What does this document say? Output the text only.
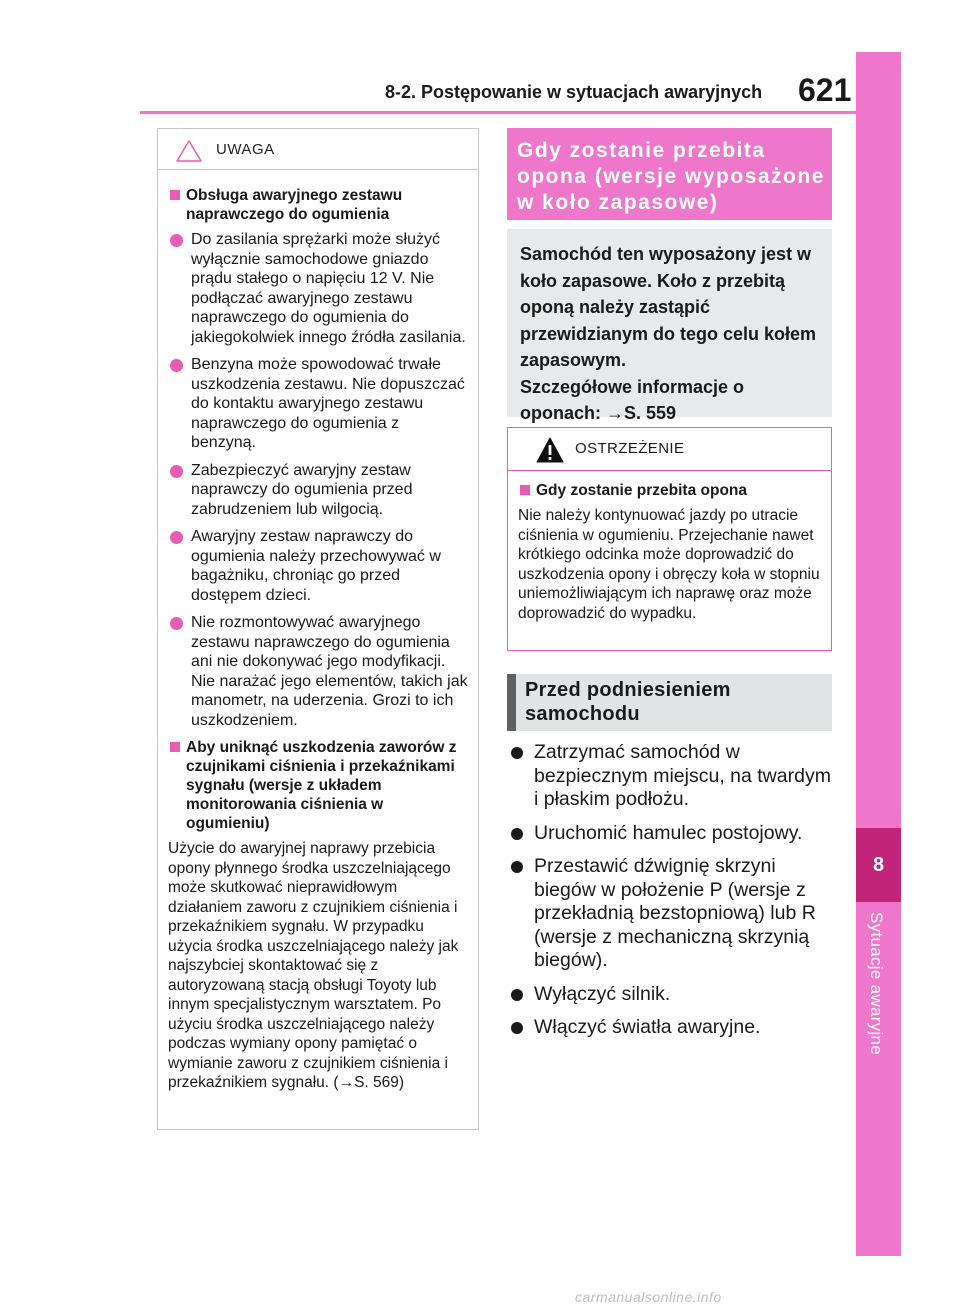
8-2. Postępowanie w sytuacjach awaryjnych 621
8
Sytuacje awaryjne
UWAGA
Obsługa awaryjnego zestawu naprawczego do ogumienia
Do zasilania sprężarki może służyć wyłącznie samochodowe gniazdo prądu stałego o napięciu 12 V. Nie podłączać awaryjnego zestawu naprawczego do ogumienia do jakiegokolwiek innego źródła zasilania.
Benzyna może spowodować trwałe uszkodzenia zestawu. Nie dopuszczać do kontaktu awaryjnego zestawu naprawczego do ogumienia z benzyną.
Zabezpieczyć awaryjny zestaw naprawczy do ogumienia przed zabrudzeniem lub wilgocią.
Awaryjny zestaw naprawczy do ogumienia należy przechowywać w bagażniku, chroniąc go przed dostępem dzieci.
Nie rozmontowywać awaryjnego zestawu naprawczego do ogumienia ani nie dokonywać jego modyfikacji. Nie narażać jego elementów, takich jak manometr, na uderzenia. Grozi to ich uszkodzeniem.
Aby uniknąć uszkodzenia zaworów z czujnikami ciśnienia i przekaźnikami sygnału (wersje z układem monitorowania ciśnienia w ogumieniu)
Użycie do awaryjnej naprawy przebicia opony płynnego środka uszczelniającego może skutkować nieprawidłowym działaniem zaworu z czujnikiem ciśnienia i przekaźnikiem sygnału. W przypadku użycia środka uszczelniającego należy jak najszybciej skontaktować się z autoryzowaną stacją obsługi Toyoty lub innym specjalistycznym warsztatem. Po użyciu środka uszczelniającego należy podczas wymiany opony pamiętać o wymianie zaworu z czujnikiem ciśnienia i przekaźnikiem sygnału. (→S. 569)
Gdy zostanie przebita opona (wersje wyposażone w koło zapasowe)
Samochód ten wyposażony jest w koło zapasowe. Koło z przebitą oponą należy zastąpić przewidzianym do tego celu kołem zapasowym.
Szczegółowe informacje o oponach: →S. 559
OSTRZEŻENIE
Gdy zostanie przebita opona
Nie należy kontynuować jazdy po utracie ciśnienia w ogumieniu. Przejechanie nawet krótkiego odcinka może doprowadzić do uszkodzenia opony i obręczy koła w stopniu uniemożliwiającym ich naprawę oraz może doprowadzić do wypadku.
Przed podniesieniem samochodu
Zatrzymać samochód w bezpiecznym miejscu, na twardym i płaskim podłożu.
Uruchomić hamulec postojowy.
Przestawić dźwignię skrzyni biegów w położenie P (wersje z przekładnią bezstopniową) lub R (wersje z mechaniczną skrzynią biegów).
Wyłączyć silnik.
Włączyć światła awaryjne.
carmanualsonline.info
